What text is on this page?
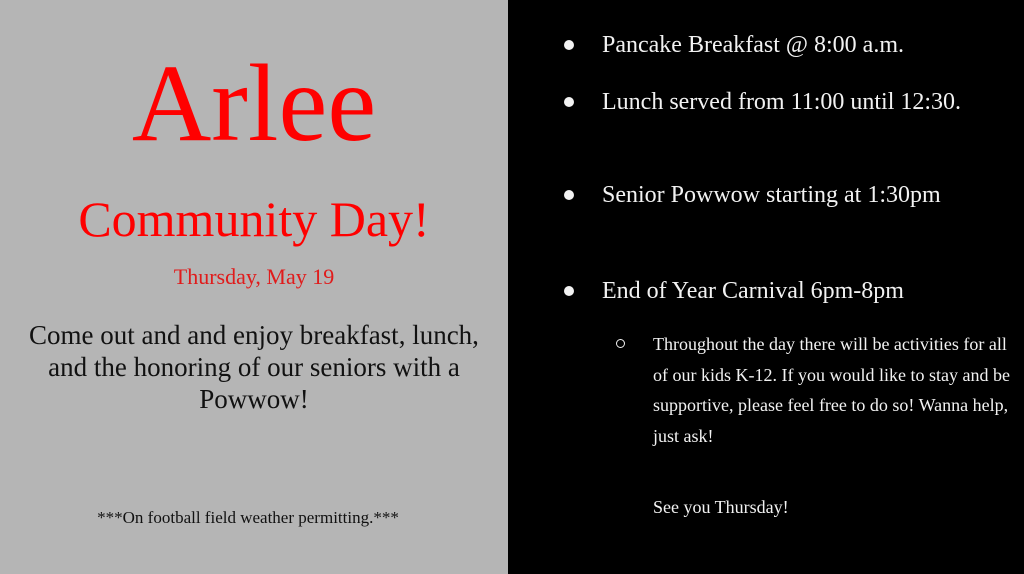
Arlee
Community Day!
Thursday, May 19
Come out and and enjoy breakfast, lunch, and the honoring of our seniors with a Powwow!
***On football field weather permitting.***
Pancake Breakfast @ 8:00 a.m.
Lunch served from 11:00 until 12:30.
Senior Powwow starting at 1:30pm
End of Year Carnival 6pm-8pm
Throughout the day there will be activities for all of our kids K-12. If you would like to stay and be supportive, please feel free to do so! Wanna help, just ask!
See you Thursday!
